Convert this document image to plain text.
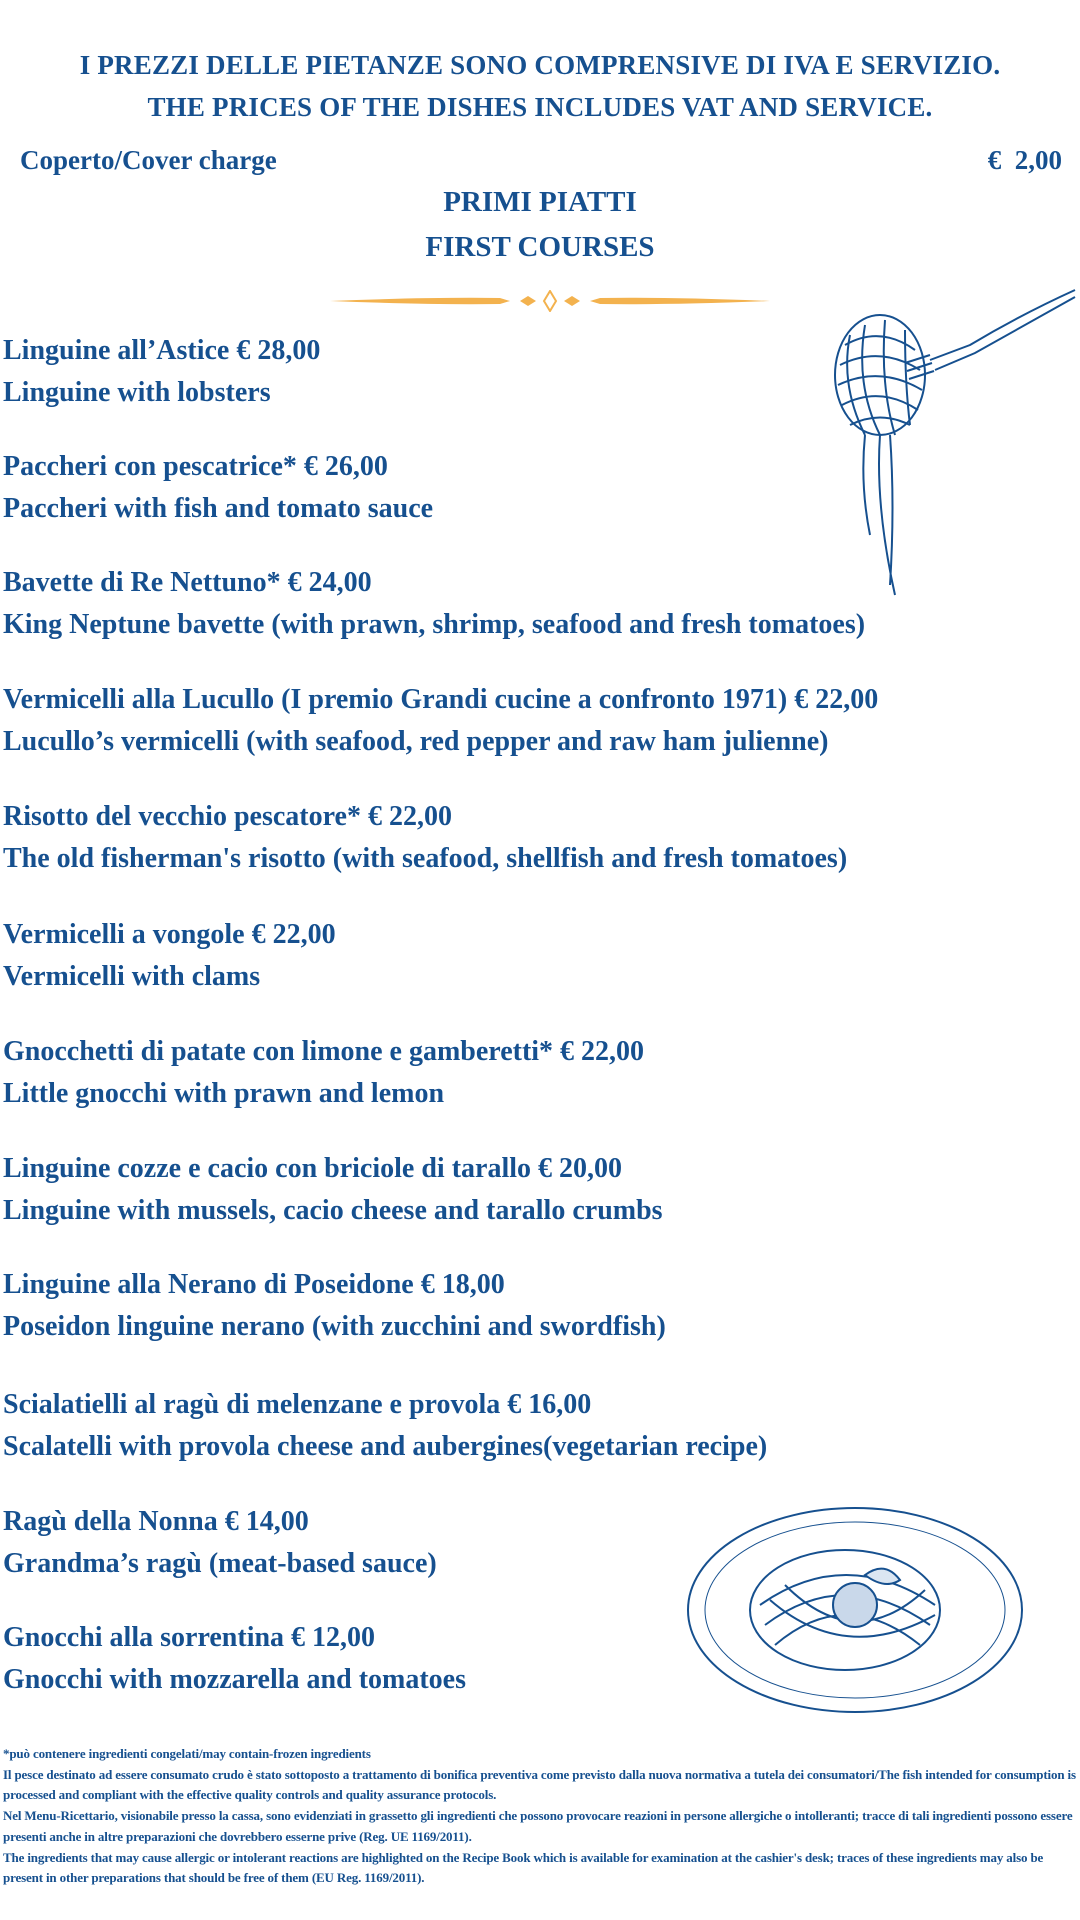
I PREZZI DELLE PIETANZE SONO COMPRENSIVE DI IVA E SERVIZIO.
THE PRICES OF THE DISHES INCLUDES VAT AND SERVICE.
Coperto/Cover charge	€  2,00
PRIMI PIATTI
FIRST COURSES
Linguine all’Astice € 28,00
Linguine with lobsters
Paccheri con pescatrice* € 26,00
Paccheri with fish and tomato sauce
Bavette di Re Nettuno* € 24,00
King Neptune bavette (with prawn, shrimp, seafood and fresh tomatoes)
Vermicelli alla Lucullo (I premio Grandi cucine a confronto 1971) € 22,00
Lucullo’s vermicelli (with seafood, red pepper and raw ham julienne)
Risotto del vecchio pescatore* € 22,00
The old fisherman's risotto (with seafood, shellfish and fresh tomatoes)
Vermicelli a vongole € 22,00
Vermicelli with clams
Gnocchetti di patate con limone e gamberetti* € 22,00
Little gnocchi with prawn and lemon
Linguine cozze e cacio con briciole di tarallo € 20,00
Linguine with mussels, cacio cheese and tarallo crumbs
Linguine alla Nerano di Poseidone € 18,00
Poseidon linguine nerano (with zucchini and swordfish)
Scialatielli al ragù di melenzane e provola € 16,00
Scalatelli with provola cheese and aubergines(vegetarian recipe)
Ragù della Nonna € 14,00
Grandma’s ragù (meat-based sauce)
Gnocchi alla sorrentina € 12,00
Gnocchi with mozzarella and tomatoes
*può contenere ingredienti congelati/may contain-frozen ingredients
Il pesce destinato ad essere consumato crudo è stato sottoposto a trattamento di bonifica preventiva come previsto dalla nuova normativa a tutela dei consumatori/The fish intended for consumption is processed and compliant with the effective quality controls and quality assurance protocols.
Nel Menu-Ricettario, visionabile presso la cassa, sono evidenziati in grassetto gli ingredienti che possono provocare reazioni in persone allergiche o intolleranti; tracce di tali ingredienti possono essere presenti anche in altre preparazioni che dovrebbero esserne prive (Reg. UE 1169/2011).
The ingredients that may cause allergic or intolerant reactions are highlighted on the Recipe Book which is available for examination at the cashier's desk; traces of these ingredients may also be present in other preparations that should be free of them (EU Reg. 1169/2011).
